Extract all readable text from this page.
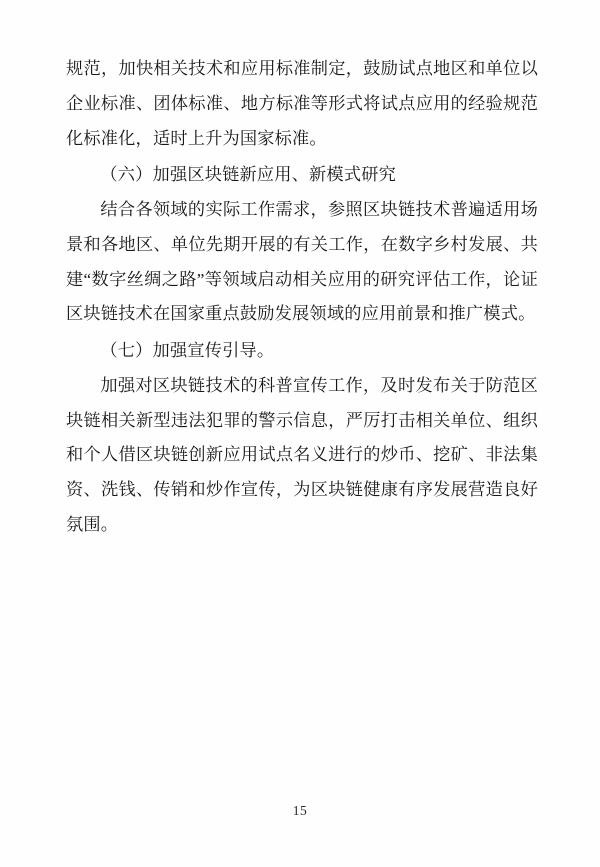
规范，加快相关技术和应用标准制定，鼓励试点地区和单位以企业标准、团体标准、地方标准等形式将试点应用的经验规范化标准化，适时上升为国家标准。

（六）加强区块链新应用、新模式研究

结合各领域的实际工作需求，参照区块链技术普遍适用场景和各地区、单位先期开展的有关工作，在数字乡村发展、共建“数字丝绸之路”等领域启动相关应用的研究评估工作，论证区块链技术在国家重点鼓励发展领域的应用前景和推广模式。

（七）加强宣传引导。

加强对区块链技术的科普宣传工作，及时发布关于防范区块链相关新型违法犯罪的警示信息，严厉打击相关单位、组织和个人借区块链创新应用试点名义进行的炒币、挖矿、非法集资、洗钱、传销和炒作宣传，为区块链健康有序发展营造良好氛围。

15
